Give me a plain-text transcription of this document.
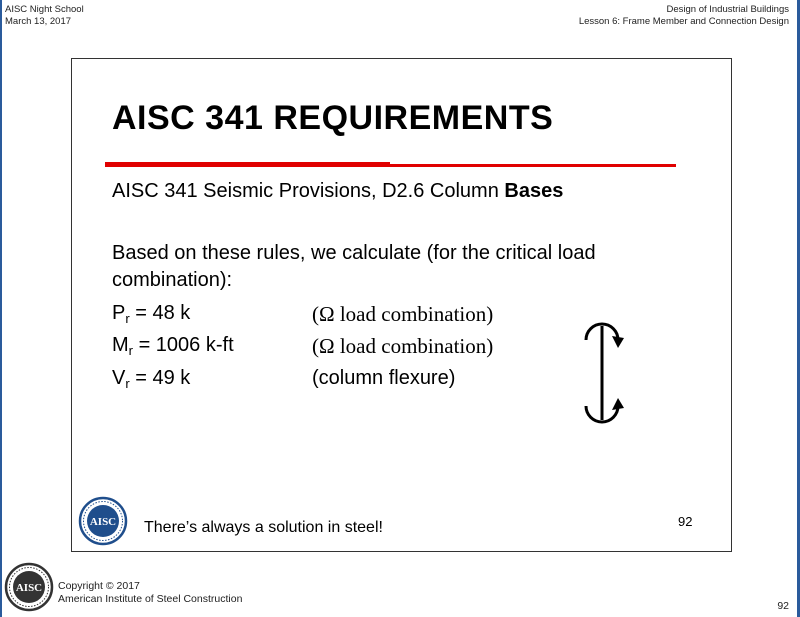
AISC Night School
March 13, 2017
Design of Industrial Buildings
Lesson 6: Frame Member and Connection Design
AISC 341 REQUIREMENTS
AISC 341 Seismic Provisions, D2.6 Column Bases
Based on these rules, we calculate (for the critical load combination):
$P_r = 48$ k	(Ω load combination)
$M_r = 1006$ k-ft	(Ω load combination)
$V_r = 49$ k	(column flexure)
AISC There’s always a solution in steel!	92
AISC Copyright © 2017
American Institute of Steel Construction
92
